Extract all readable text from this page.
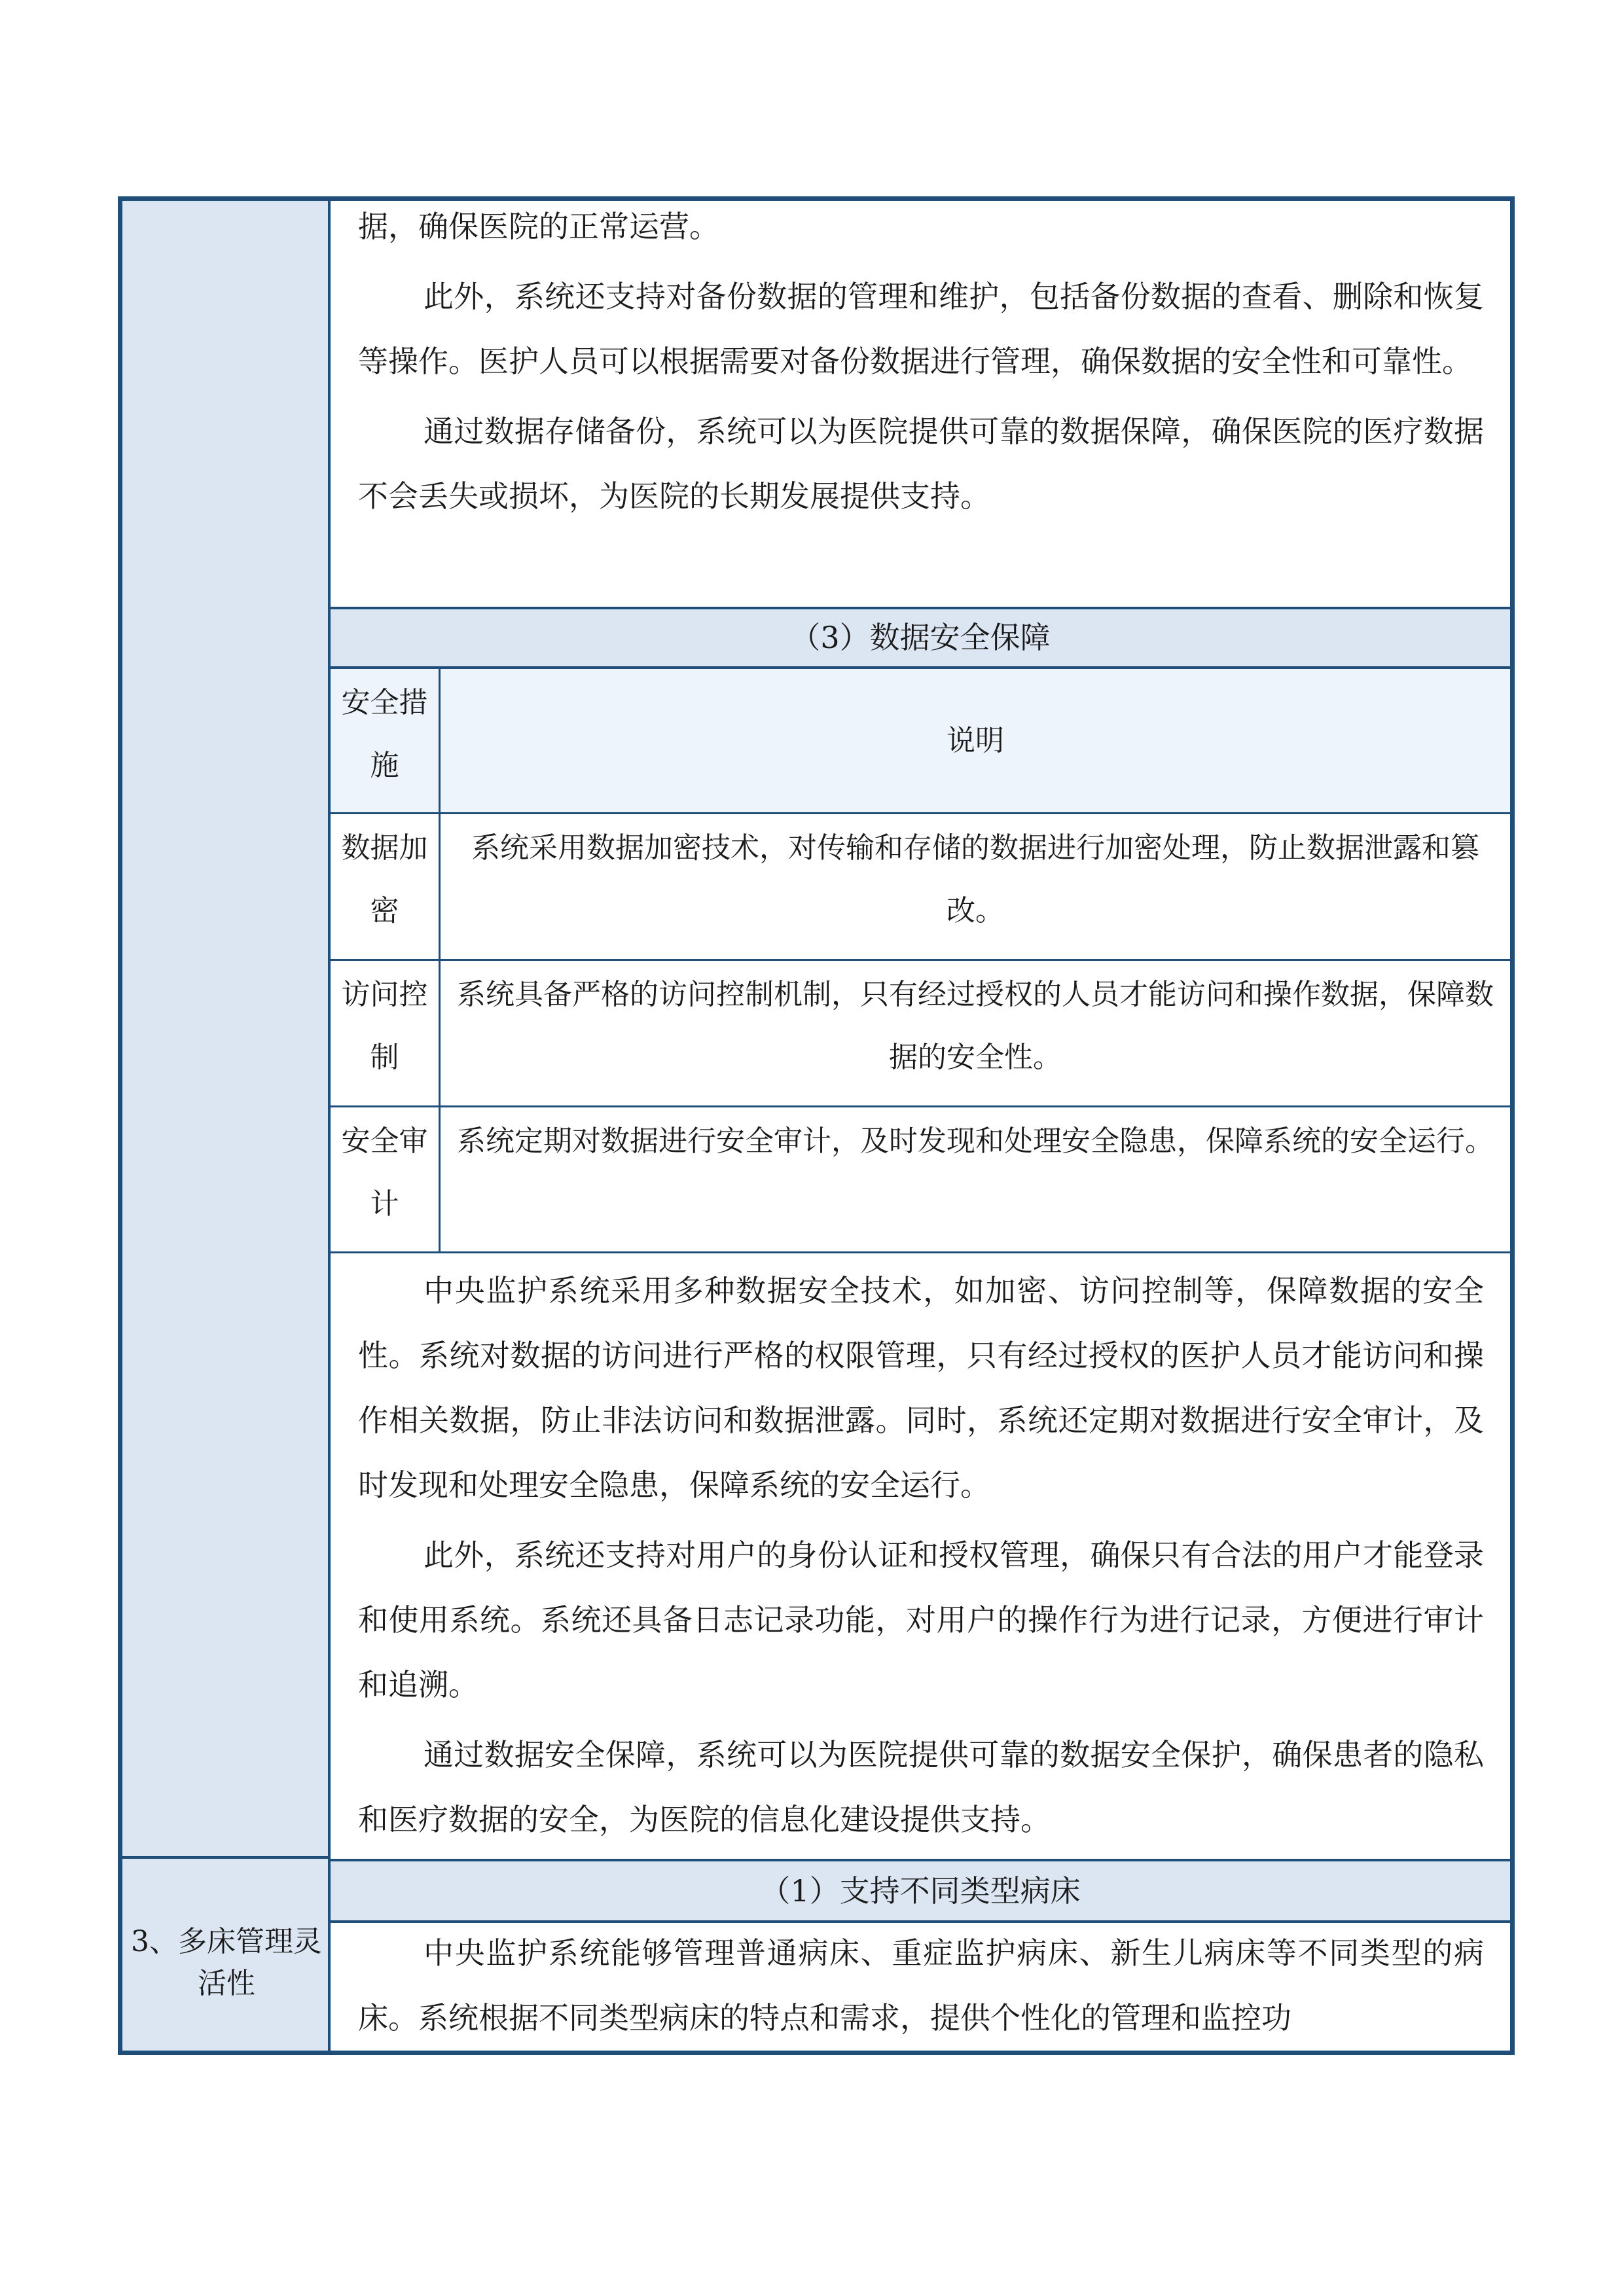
3、多床管理灵活性

据，确保医院的正常运营。

此外，系统还支持对备份数据的管理和维护，包括备份数据的查看、删除和恢复等操作。医护人员可以根据需要对备份数据进行管理，确保数据的安全性和可靠性。

通过数据存储备份，系统可以为医院提供可靠的数据保障，确保医院的医疗数据不会丢失或损坏，为医院的长期发展提供支持。

（3）数据安全保障
安全措施
说明
数据加密
系统采用数据加密技术，对传输和存储的数据进行加密处理，防止数据泄露和篡改。
访问控制
系统具备严格的访问控制机制，只有经过授权的人员才能访问和操作数据，保障数据的安全性。
安全审计
系统定期对数据进行安全审计，及时发现和处理安全隐患，保障系统的安全运行。

中央监护系统采用多种数据安全技术，如加密、访问控制等，保障数据的安全性。系统对数据的访问进行严格的权限管理，只有经过授权的医护人员才能访问和操作相关数据，防止非法访问和数据泄露。同时，系统还定期对数据进行安全审计，及时发现和处理安全隐患，保障系统的安全运行。

此外，系统还支持对用户的身份认证和授权管理，确保只有合法的用户才能登录和使用系统。系统还具备日志记录功能，对用户的操作行为进行记录，方便进行审计和追溯。

通过数据安全保障，系统可以为医院提供可靠的数据安全保护，确保患者的隐私和医疗数据的安全，为医院的信息化建设提供支持。

（1）支持不同类型病床

中央监护系统能够管理普通病床、重症监护病床、新生儿病床等不同类型的病床。系统根据不同类型病床的特点和需求，提供个性化的管理和监控功
